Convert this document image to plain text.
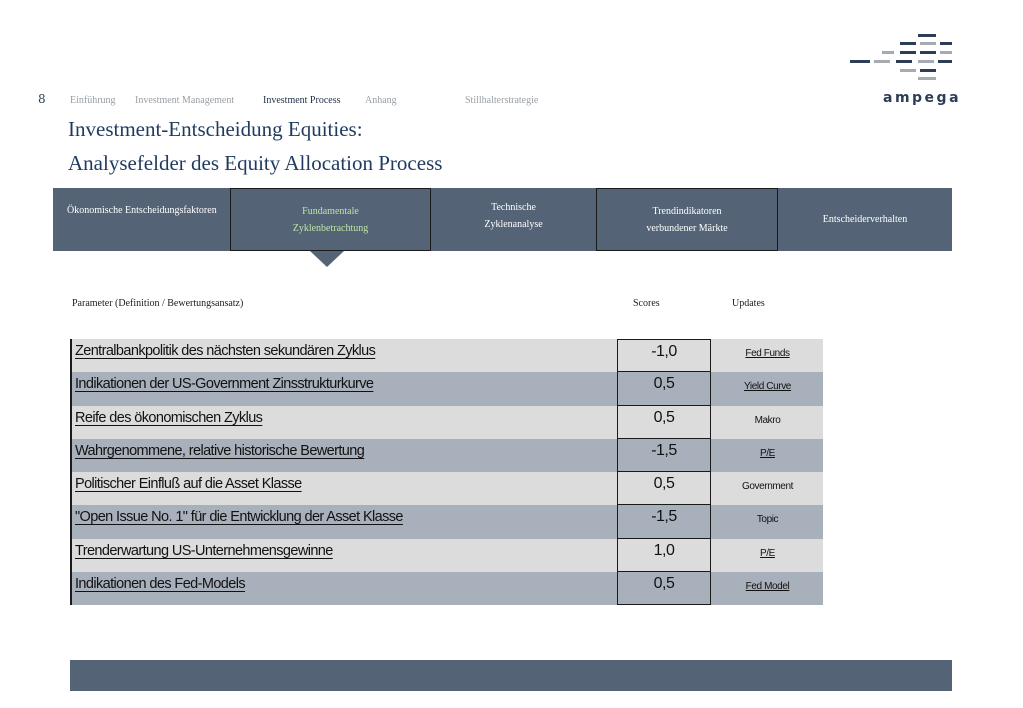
8 Einführung Investment Management	Investment Process Anhang	Stillhalterstrategie	ampega
Investment-Entscheidung Equities:
Analysefelder des Equity Allocation Process
Ökonomische Entscheidungsfaktoren	Fundamentale
Zyklenbetrachtung
Technische
Zyklenanalyse
Trendindikatoren
verbundener Märkte
Entscheiderverhalten
Parameter (Definition / Bewertungsansatz)	Scores	Updates
Zentralbankpolitik des nächsten sekundären Zyklus	-1,0	Fed Funds
Indikationen der US-Government Zinsstrukturkurve	0,5	Yield Curve
Reife des ökonomischen Zyklus	0,5	Makro
Wahrgenommene, relative historische Bewertung	-1,5	P/E
Politischer Einfluß auf die Asset Klasse	0,5	Government
"Open Issue No. 1" für die Entwicklung der Asset Klasse	-1,5	Topic
Trenderwartung US-Unternehmensgewinne	1,0	P/E
Indikationen des Fed-Models	0,5	Fed Model
